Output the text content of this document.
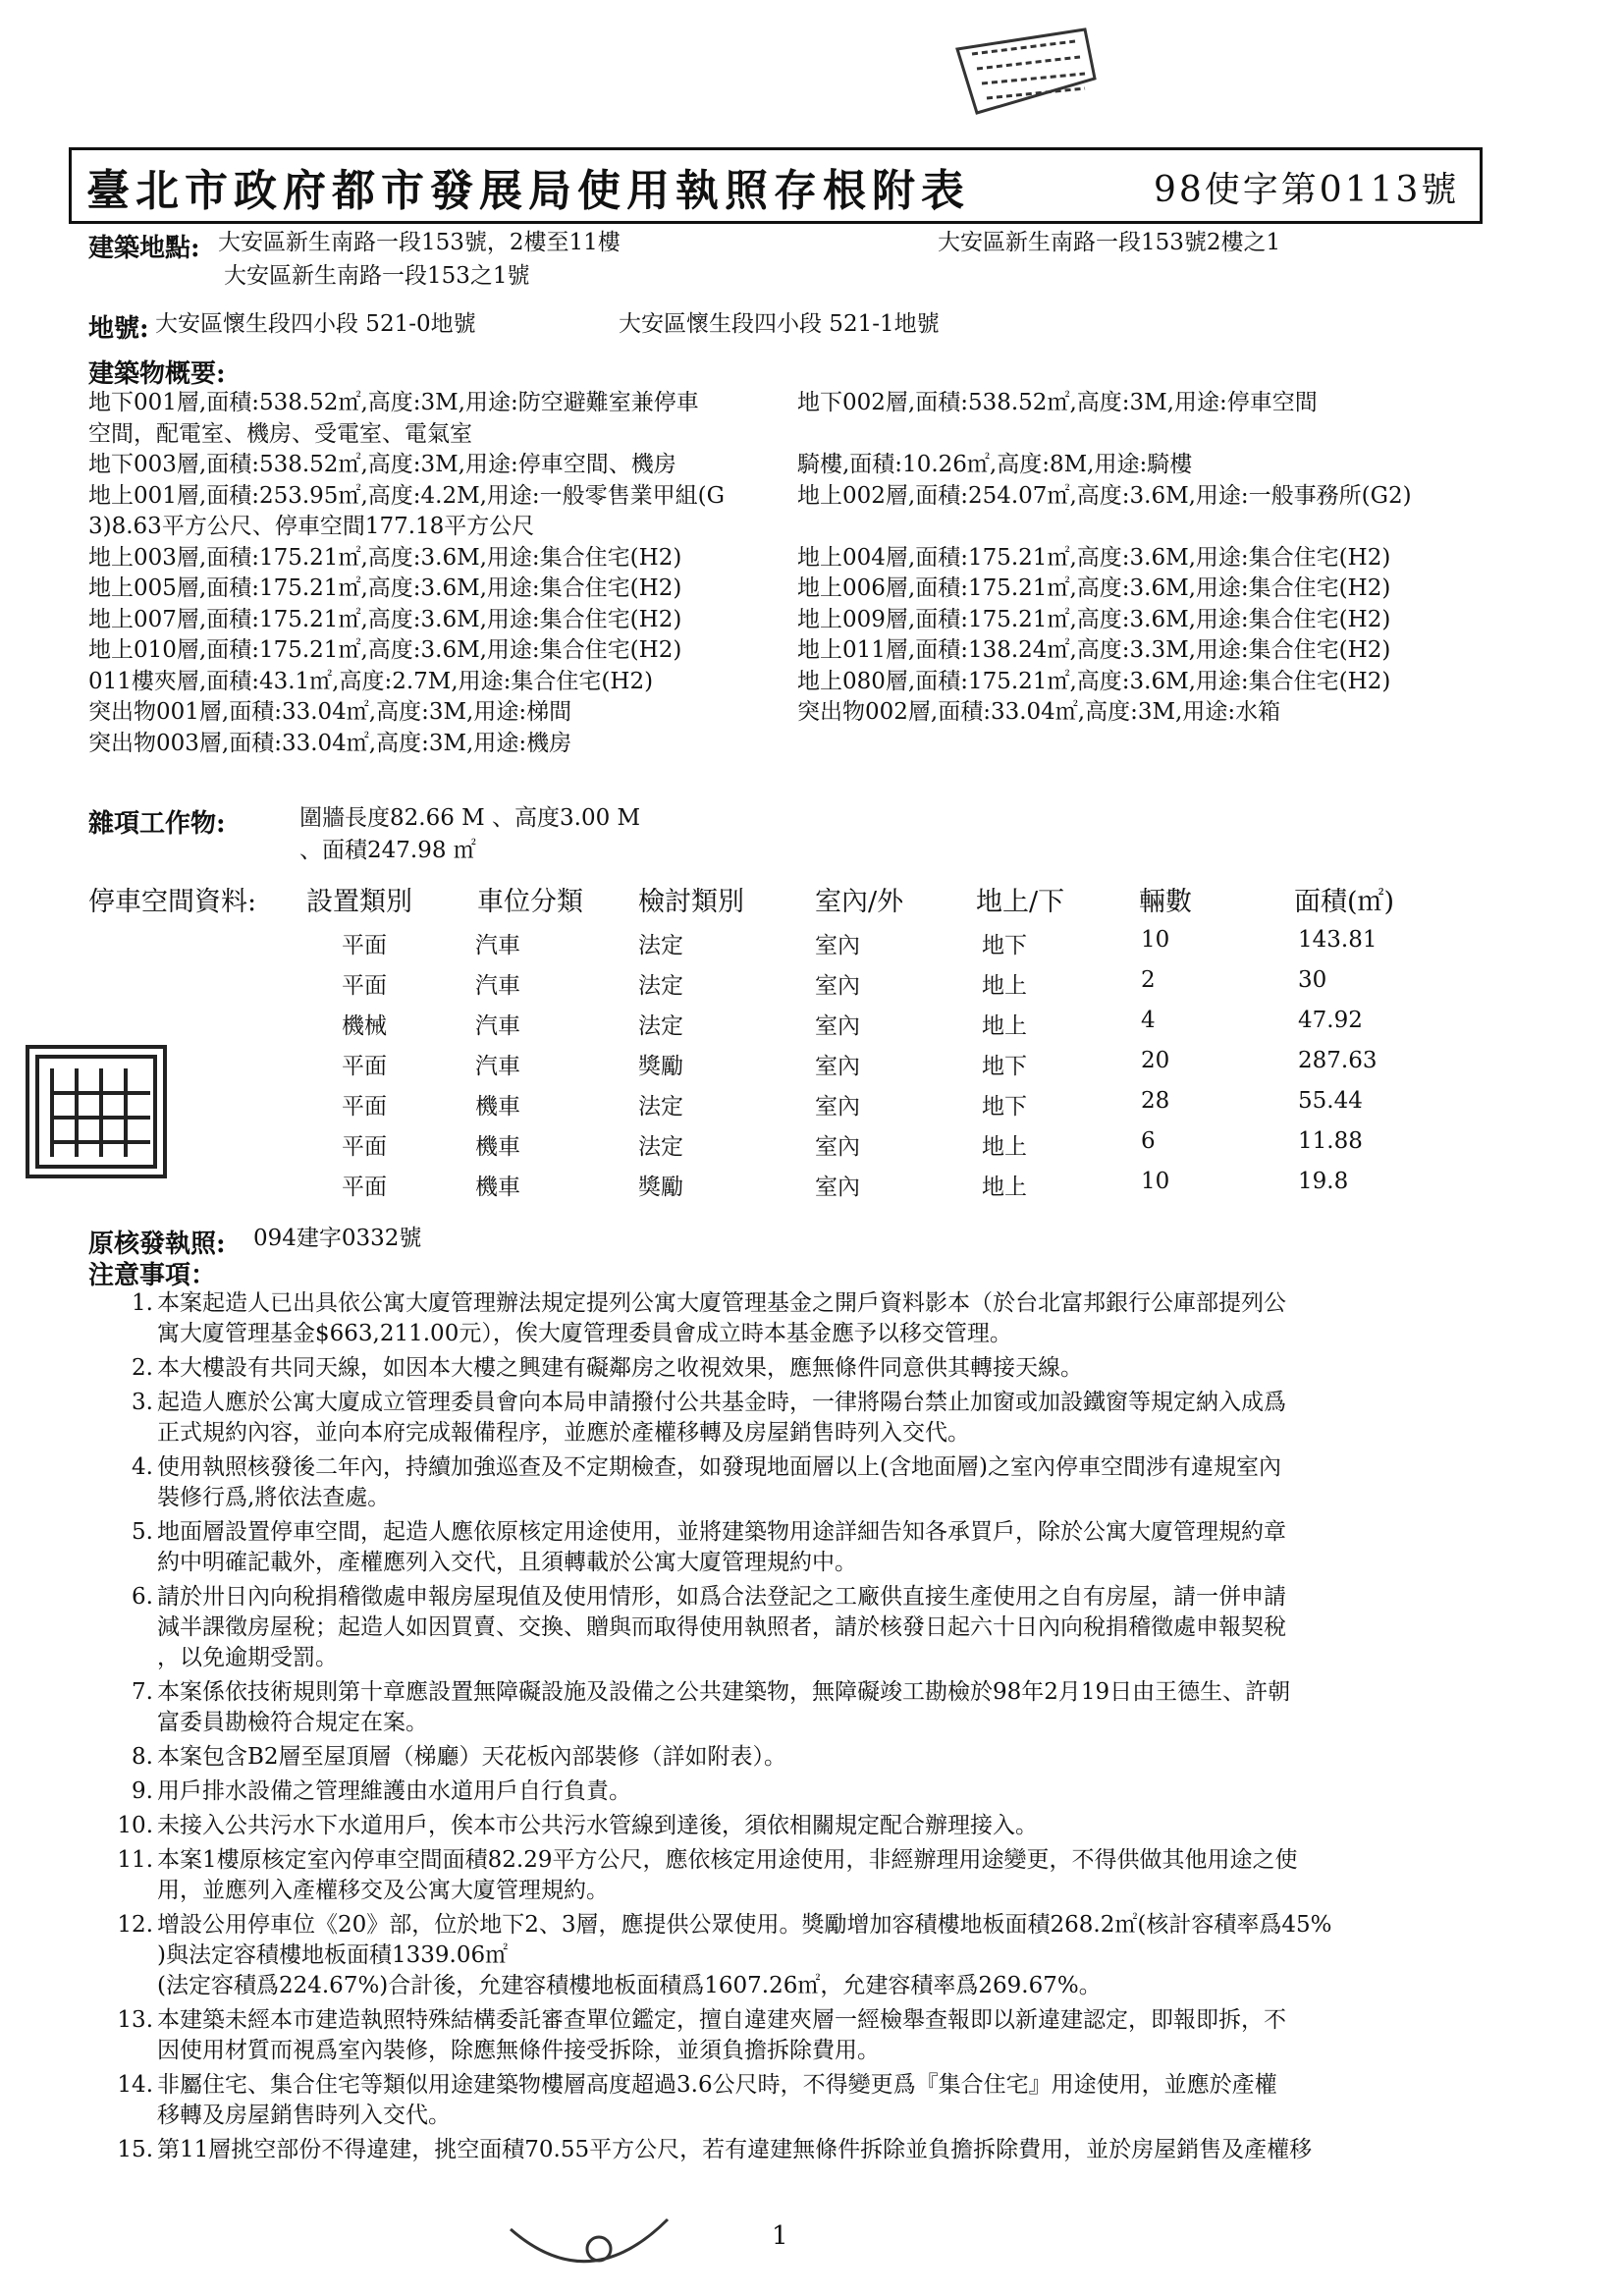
臺北市政府都市發展局使用執照存根附表	98使字第0113號
建築地點: 大安區新生南路一段153號，2樓至11樓
大安區新生南路一段153之1號
大安區新生南路一段153號2樓之1
地號: 大安區懷生段四小段 521-0地號	大安區懷生段四小段 521-1地號
建築物概要:
地下001層,面積:538.52㎡,高度:3M,用途:防空避難室兼停車	地下002層,面積:538.52㎡,高度:3M,用途:停車空間
空間，配電室、機房、受電室、電氣室
地下003層,面積:538.52㎡,高度:3M,用途:停車空間、機房	騎樓,面積:10.26㎡,高度:8M,用途:騎樓
地上001層,面積:253.95㎡,高度:4.2M,用途:一般零售業甲組(G	地上002層,面積:254.07㎡,高度:3.6M,用途:一般事務所(G2)
3)8.63平方公尺、停車空間177.18平方公尺
地上003層,面積:175.21㎡,高度:3.6M,用途:集合住宅(H2)	地上004層,面積:175.21㎡,高度:3.6M,用途:集合住宅(H2)
地上005層,面積:175.21㎡,高度:3.6M,用途:集合住宅(H2)	地上006層,面積:175.21㎡,高度:3.6M,用途:集合住宅(H2)
地上007層,面積:175.21㎡,高度:3.6M,用途:集合住宅(H2)	地上009層,面積:175.21㎡,高度:3.6M,用途:集合住宅(H2)
地上010層,面積:175.21㎡,高度:3.6M,用途:集合住宅(H2)	地上011層,面積:138.24㎡,高度:3.3M,用途:集合住宅(H2)
011樓夾層,面積:43.1㎡,高度:2.7M,用途:集合住宅(H2)	地上080層,面積:175.21㎡,高度:3.6M,用途:集合住宅(H2)
突出物001層,面積:33.04㎡,高度:3M,用途:梯間	突出物002層,面積:33.04㎡,高度:3M,用途:水箱
突出物003層,面積:33.04㎡,高度:3M,用途:機房
雜項工作物:	圍牆長度82.66 M 、高度3.00 M
、面積247.98 ㎡
停車空間資料: 設置類別 車位分類 檢討類別	室內/外	地上/下	輛數	面積(㎡)
平面	汽車	法定	室內	地下	10	143.81
平面	汽車	法定	室內	地上	2	30
機械	汽車	法定	室內	地上	4	47.92
平面	汽車	獎勵	室內	地下	20	287.63
平面	機車	法定	室內	地下	28	55.44
平面	機車	法定	室內	地上	6	11.88
平面	機車	獎勵	室內	地上	10	19.8
原核發執照: 094建字0332號
注意事項：
1. 本案起造人已出具依公寓大廈管理辦法規定提列公寓大廈管理基金之開戶資料影本（於台北富邦銀行公庫部提列公
寓大廈管理基金$663,211.00元），俟大廈管理委員會成立時本基金應予以移交管理。
2. 本大樓設有共同天線，如因本大樓之興建有礙鄰房之收視效果，應無條件同意供其轉接天線。
3. 起造人應於公寓大廈成立管理委員會向本局申請撥付公共基金時，一律將陽台禁止加窗或加設鐵窗等規定納入成爲
正式規約內容，並向本府完成報備程序，並應於產權移轉及房屋銷售時列入交代。
4. 使用執照核發後二年內，持續加強巡查及不定期檢查，如發現地面層以上(含地面層)之室內停車空間涉有違規室內
裝修行爲,將依法查處。
5. 地面層設置停車空間，起造人應依原核定用途使用，並將建築物用途詳細告知各承買戶，除於公寓大廈管理規約章
約中明確記載外，產權應列入交代，且須轉載於公寓大廈管理規約中。
6. 請於卅日內向稅捐稽徵處申報房屋現值及使用情形，如爲合法登記之工廠供直接生產使用之自有房屋，請一併申請
減半課徵房屋稅；起造人如因買賣、交換、贈與而取得使用執照者，請於核發日起六十日內向稅捐稽徵處申報契稅
，以免逾期受罰。
7. 本案係依技術規則第十章應設置無障礙設施及設備之公共建築物，無障礙竣工勘檢於98年2月19日由王德生、許朝
富委員勘檢符合規定在案。
8. 本案包含B2層至屋頂層（梯廳）天花板內部裝修（詳如附表）。
9. 用戶排水設備之管理維護由水道用戶自行負責。
10. 未接入公共污水下水道用戶，俟本市公共污水管線到達後，須依相關規定配合辦理接入。
11. 本案1樓原核定室內停車空間面積82.29平方公尺，應依核定用途使用，非經辦理用途變更，不得供做其他用途之使
用，並應列入產權移交及公寓大廈管理規約。
12. 增設公用停車位《20》部，位於地下2、3層，應提供公眾使用。獎勵增加容積樓地板面積268.2㎡(核計容積率爲45%
)與法定容積樓地板面積1339.06㎡
(法定容積爲224.67%)合計後，允建容積樓地板面積爲1607.26㎡，允建容積率爲269.67%。
13. 本建築未經本市建造執照特殊結構委託審查單位鑑定，擅自違建夾層一經檢舉查報即以新違建認定，即報即拆，不
因使用材質而視爲室內裝修，除應無條件接受拆除，並須負擔拆除費用。
14. 非屬住宅、集合住宅等類似用途建築物樓層高度超過3.6公尺時，不得變更爲『集合住宅』用途使用，並應於產權
移轉及房屋銷售時列入交代。
15. 第11層挑空部份不得違建，挑空面積70.55平方公尺，若有違建無條件拆除並負擔拆除費用，並於房屋銷售及產權移
1
